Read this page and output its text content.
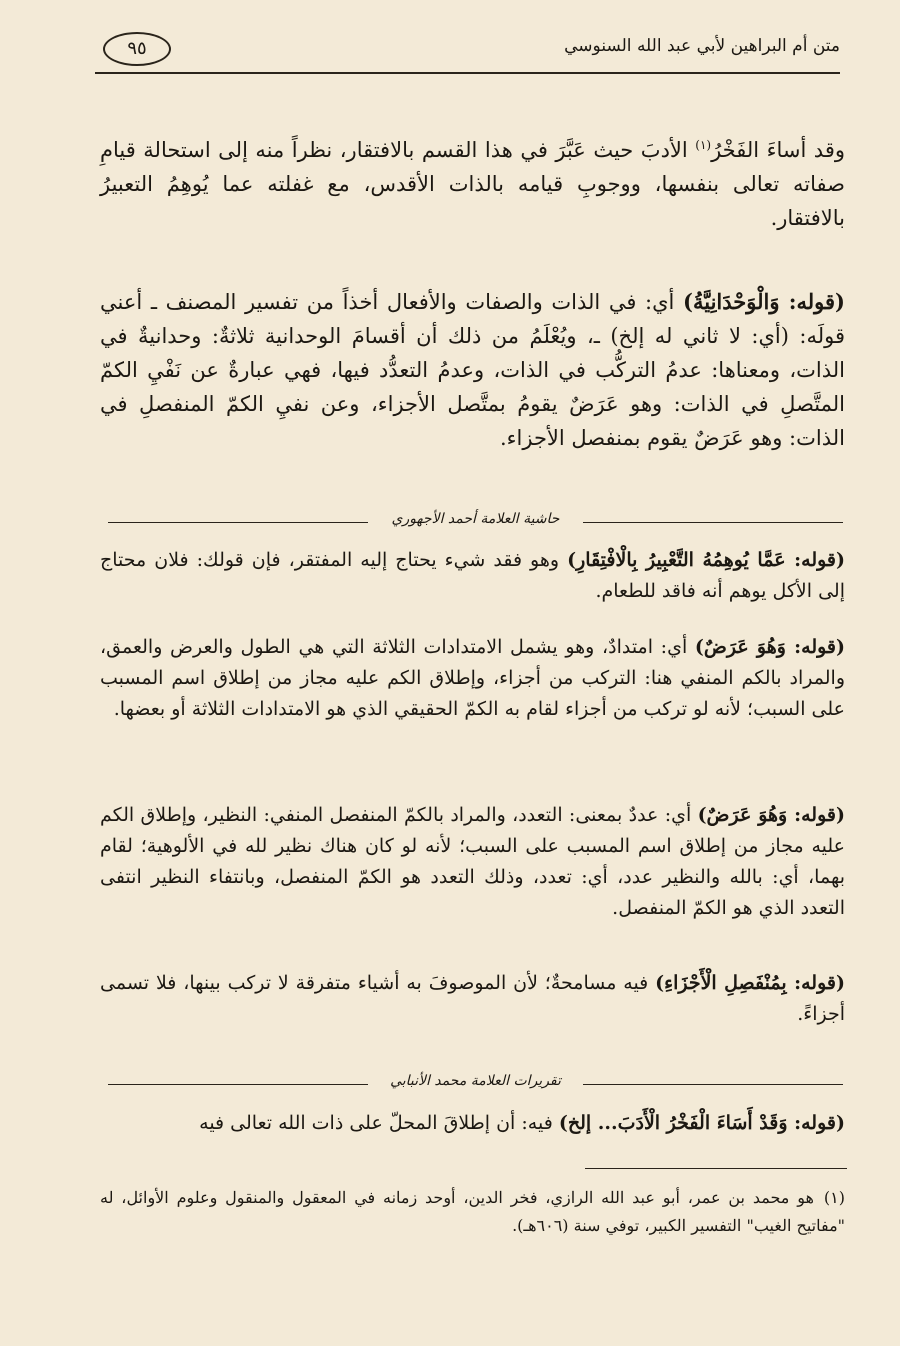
متن أم البراهين لأبي عبد الله السنوسي
٩٥

وقد أساءَ الفَخْرُ$^{(١)}$ الأدبَ حيث عَبَّرَ في هذا القسم بالافتقار، نظراً منه إلى استحالة قيامِ صفاته تعالى بنفسها، ووجوبِ قيامه بالذات الأقدس، مع غفلته عما يُوهِمُ التعبيرُ بالافتقار.

(قوله: وَالْوَحْدَانِيَّةُ) أي: في الذات والصفات والأفعال أخذاً من تفسير المصنف ـ أعني قولَه: (أي: لا ثاني له إلخ) ـ، ويُعْلَمُ من ذلك أن أقسامَ الوحدانية ثلاثةٌ: وحدانيةٌ في الذات، ومعناها: عدمُ التركُّب في الذات، وعدمُ التعدُّد فيها، فهي عبارةٌ عن نَفْيِ الكمّ المتَّصلِ في الذات: وهو عَرَضٌ يقومُ بمتَّصل الأجزاء، وعن نفيِ الكمّ المنفصلِ في الذات: وهو عَرَضٌ يقوم بمنفصل الأجزاء.

حاشية العلامة أحمد الأجهوري

(قوله: عَمَّا يُوهِمُهُ التَّعْبِيرُ بِالْافْتِقَارِ) وهو فقد شيء يحتاج إليه المفتقر، فإن قولك: فلان محتاج إلى الأكل يوهم أنه فاقد للطعام.

(قوله: وَهُوَ عَرَضٌ) أي: امتدادٌ، وهو يشمل الامتدادات الثلاثة التي هي الطول والعرض والعمق، والمراد بالكم المنفي هنا: التركب من أجزاء، وإطلاق الكم عليه مجاز من إطلاق اسم المسبب على السبب؛ لأنه لو تركب من أجزاء لقام به الكمّ الحقيقي الذي هو الامتدادات الثلاثة أو بعضها.

(قوله: وَهُوَ عَرَضٌ) أي: عددٌ بمعنى: التعدد، والمراد بالكمّ المنفصل المنفي: النظير، وإطلاق الكم عليه مجاز من إطلاق اسم المسبب على السبب؛ لأنه لو كان هناك نظير لله في الألوهية؛ لقام بهما، أي: بالله والنظير عدد، أي: تعدد، وذلك التعدد هو الكمّ المنفصل، وبانتفاء النظير انتفى التعدد الذي هو الكمّ المنفصل.

(قوله: بِمُنْفَصِلِ الْأَجْزَاءِ) فيه مسامحةٌ؛ لأن الموصوفَ به أشياء متفرقة لا تركب بينها، فلا تسمى أجزاءً.

تقريرات العلامة محمد الأنبابي

(قوله: وَقَدْ أَسَاءَ الْفَخْرُ الْأَدَبَ... إلخ) فيه: أن إطلاقَ المحلّ على ذات الله تعالى فيه

(١)هو محمد بن عمر، أبو عبد الله الرازي، فخر الدين، أوحد زمانه في المعقول والمنقول وعلوم الأوائل، له "مفاتيح الغيب" التفسير الكبير، توفي سنة (٦٠٦هـ).
